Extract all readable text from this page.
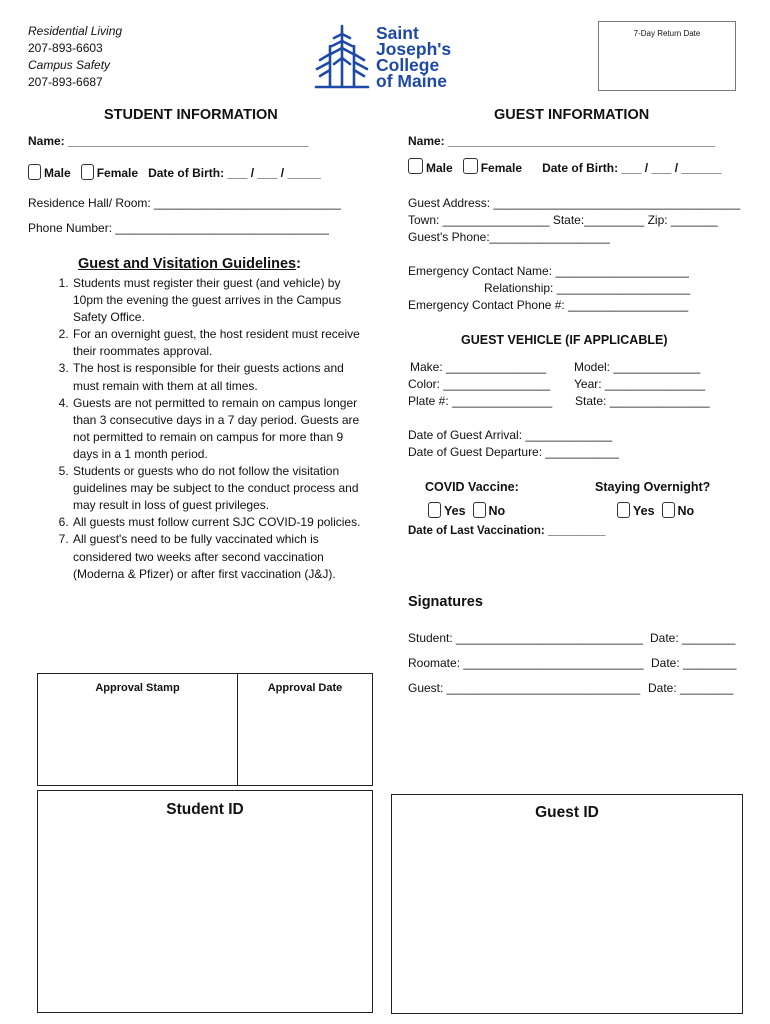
Residential Living
207-893-6603
Campus Safety
207-893-6687
Saint
Joseph's
College
of Maine
7-Day Return Date
STUDENT INFORMATION
Name: ____________________________________
Male Female Date of Birth: ___ / ___ / _____
Residence Hall/ Room: ____________________________
Phone Number: ________________________________
Guest and Visitation Guidelines:
1. Students must register their guest (and vehicle) by 10pm the evening the guest arrives in the Campus Safety Office.
2. For an overnight guest, the host resident must receive their roommates approval.
3. The host is responsible for their guests actions and must remain with them at all times.
4. Guests are not permitted to remain on campus longer than 3 consecutive days in a 7 day period. Guests are not permitted to remain on campus for more than 9 days in a 1 month period.
5. Students or guests who do not follow the visitation guidelines may be subject to the conduct process and may result in loss of guest privileges.
6. All guests must follow current SJC COVID-19 policies.
7. All guest's need to be fully vaccinated which is considered two weeks after second vaccination (Moderna & Pfizer) or after first vaccination (J&J).
GUEST INFORMATION
Name: ________________________________________
Male Female Date of Birth: ___ / ___ / ______
Guest Address: _____________________________________
Town: ________________ State:_________ Zip: _______
Guest's Phone:__________________
Emergency Contact Name: ____________________
Relationship: ____________________
Emergency Contact Phone #: __________________
GUEST VEHICLE (IF APPLICABLE)
Make: _______________ Model: _____________
Color: ________________ Year: _______________
Plate #: _______________ State: _______________
Date of Guest Arrival: _____________
Date of Guest Departure: ___________
COVID Vaccine:	Staying Overnight?
Yes No	Yes No
Date of Last Vaccination: _________
Signatures
Student: ____________________________ Date: ________
Roomate: ___________________________ Date: ________
Guest: _____________________________ Date: ________
Approval Stamp	Approval Date
Student ID	Guest ID
